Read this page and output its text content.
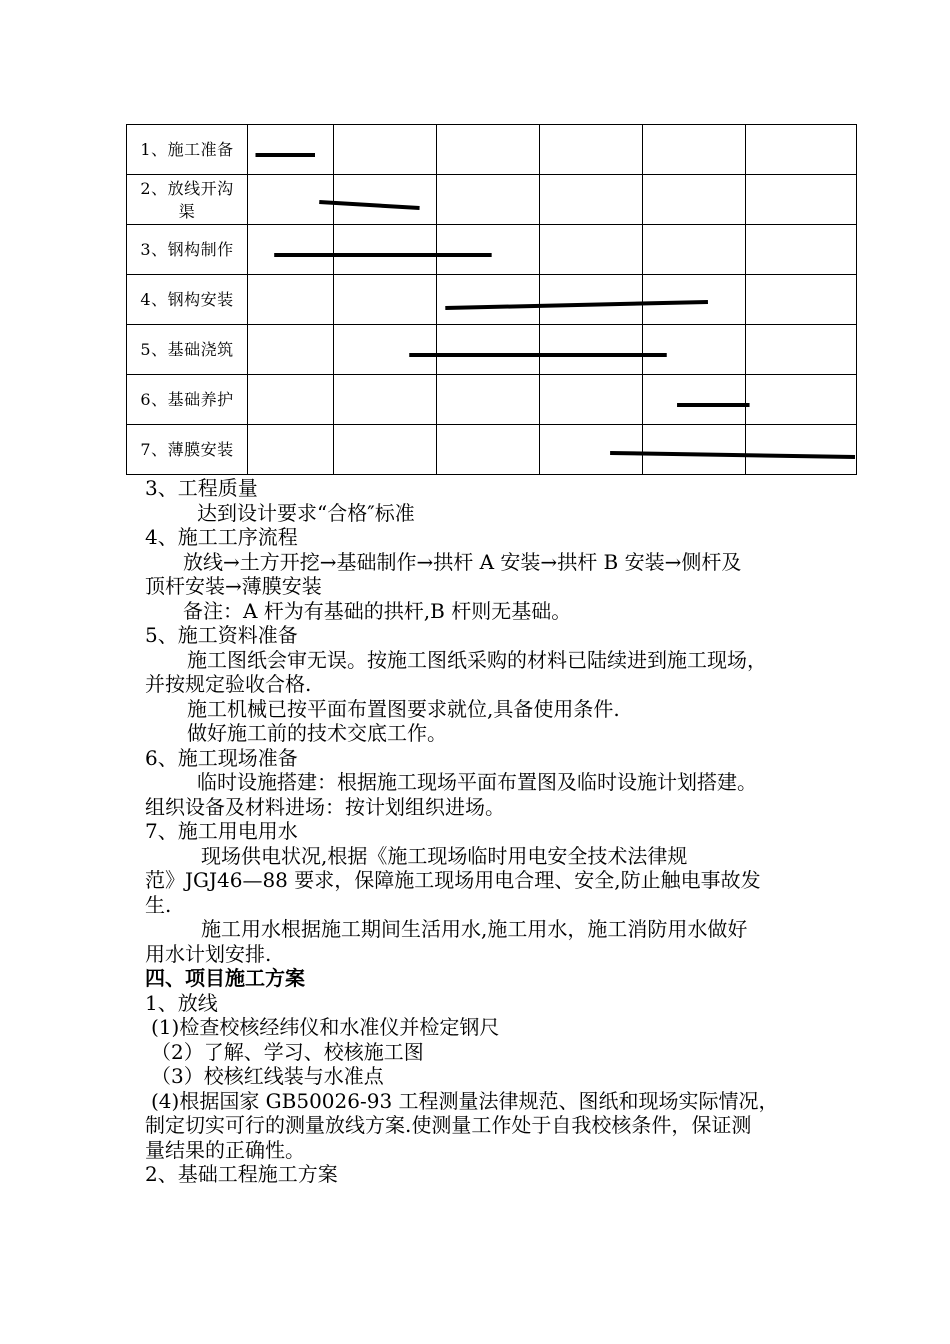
1、施工准备						

2、放线开沟
渠						

3、钢构制作						

4、钢构安装						

5、基础浇筑						

6、基础养护						

7、薄膜安装						

3、工程质量

达到设计要求“合格″标准

4、施工工序流程

放线→土方开挖→基础制作→拱杆 A 安装→拱杆 B 安装→侧杆及

顶杆安装→薄膜安装

备注：A 杆为有基础的拱杆,B 杆则无基础。

5、施工资料准备

施工图纸会审无误。按施工图纸采购的材料已陆续进到施工现场，

并按规定验收合格.

施工机械已按平面布置图要求就位,具备使用条件.

做好施工前的技术交底工作。

6、施工现场准备

临时设施搭建：根据施工现场平面布置图及临时设施计划搭建。

组织设备及材料进场：按计划组织进场。

7、施工用电用水

现场供电状况,根据《施工现场临时用电安全技术法律规

范》JGJ46—88 要求，保障施工现场用电合理、安全,防止触电事故发

生.

施工用水根据施工期间生活用水,施工用水，施工消防用水做好

用水计划安排.

四、项目施工方案

1、放线

(1)检查校核经纬仪和水准仪并检定钢尺

（2）了解、学习、校核施工图

（3）校核红线装与水准点

(4)根据国家 GB50026-93 工程测量法律规范、图纸和现场实际情况，

制定切实可行的测量放线方案.使测量工作处于自我校核条件，保证测

量结果的正确性。

2、基础工程施工方案
